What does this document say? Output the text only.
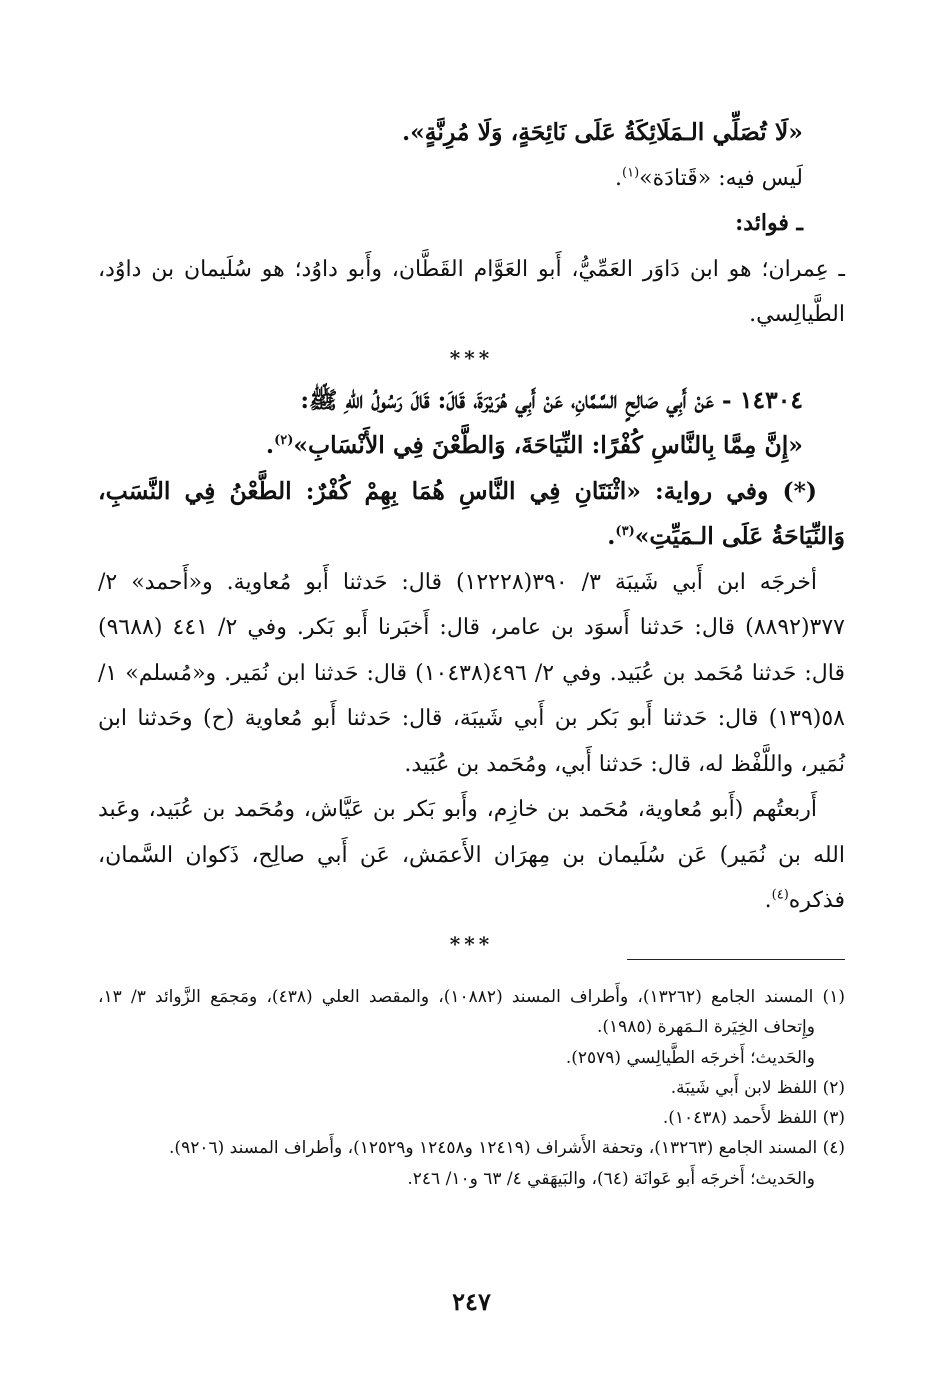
«لَا تُصَلِّي الـمَلَائِكَةُ عَلَى نَائِحَةٍ، وَلَا مُرِنَّةٍ».

لَيس فيه: «قَتادَة»$^{(١)}$.

ـ فوائد:

ـ عِمران؛ هو ابن دَاوَر العَمِّيُّ، أَبو العَوَّام القَطَّان، وأَبو داوُد؛ هو سُلَيمان بن داوُد، الطَّيالِسي.

***

١٤٣٠٤ - عَنْ أَبِي صَالِحٍ السَّمَّانِ، عَنْ أَبِي هُرَيْرَةَ، قَالَ: قَالَ رَسُولُ اللهِ ﷺ:

«إِنَّ مِمَّا بِالنَّاسِ كُفْرًا: النِّيَاحَةَ، وَالطَّعْنَ فِي الأَنْسَابِ»$^{(٢)}$.

(*) وفي رواية: «اثْنَتَانِ فِي النَّاسِ هُمَا بِهِمْ كُفْرٌ: الطَّعْنُ فِي النَّسَبِ، وَالنِّيَاحَةُ عَلَى الـمَيِّتِ»$^{(٣)}$.

أخرجَه ابن أَبي شَيبَة ٣/ ٣٩٠(١٢٢٢٨) قال: حَدثنا أَبو مُعاوية. و«أَحمد» ٢/ ٣٧٧(٨٨٩٢) قال: حَدثنا أَسوَد بن عامر، قال: أَخبَرنا أَبو بَكر. وفي ٢/ ٤٤١ (٩٦٨٨) قال: حَدثنا مُحَمد بن عُبَيد. وفي ٢/ ٤٩٦(١٠٤٣٨) قال: حَدثنا ابن نُمَير. و«مُسلم» ١/ ٥٨(١٣٩) قال: حَدثنا أَبو بَكر بن أَبي شَيبَة، قال: حَدثنا أَبو مُعاوية (ح) وحَدثنا ابن نُمَير، واللَّفْظ له، قال: حَدثنا أَبي، ومُحَمد بن عُبَيد.

أَربعتُهم (أَبو مُعاوية، مُحَمد بن خازِم، وأَبو بَكر بن عَيَّاش، ومُحَمد بن عُبَيد، وعَبد الله بن نُمَير) عَن سُلَيمان بن مِهرَان الأَعمَش، عَن أَبي صالِح، ذَكوان السَّمان، فذكره$^{(٤)}$.

***

(١) المسند الجامع (١٣٢٦٢)، وأَطراف المسند (١٠٨٨٢)، والمقصد العلي (٤٣٨)، ومَجمَع الزَّوائد ٣/ ١٣، وإِتحاف الخِيَرة الـمَهرة (١٩٨٥).

والحَديث؛ أَخرجَه الطَّيالِسي (٢٥٧٩).

(٢) اللفظ لابن أَبي شَيبَة.

(٣) اللفظ لأَحمد (١٠٤٣٨).

(٤) المسند الجامع (١٣٢٦٣)، وتحفة الأَشراف (١٢٤١٩ و١٢٤٥٨ و١٢٥٢٩)، وأَطراف المسند (٩٢٠٦).

والحَديث؛ أَخرجَه أَبو عَوانَة (٦٤)، والبَيهَقي ٤/ ٦٣ و١٠/ ٢٤٦.

٢٤٧
